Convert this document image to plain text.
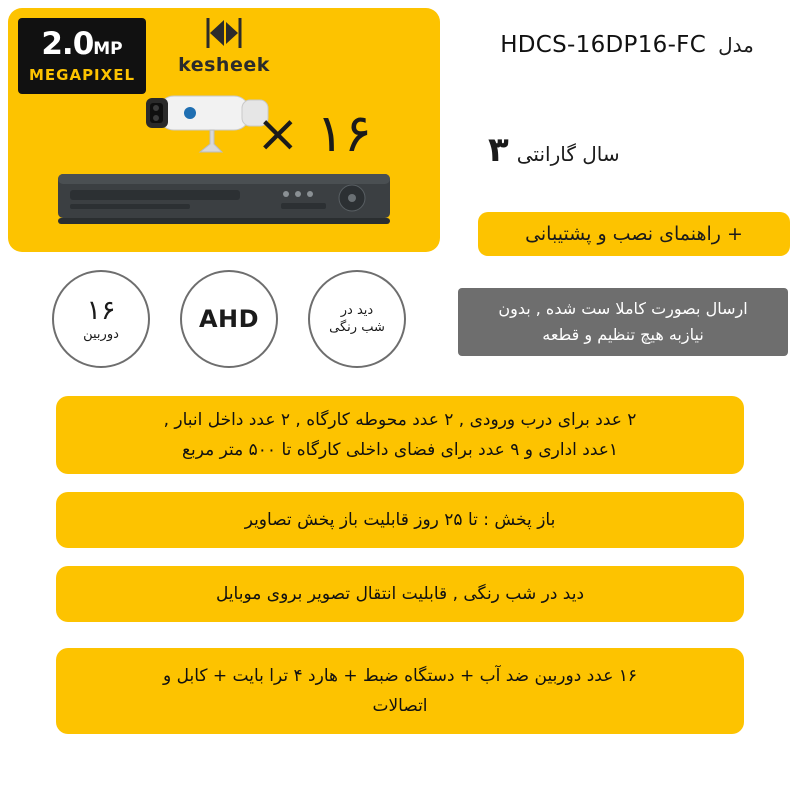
2.0MP
MEGAPIXEL kesheek
۱۶ ×
مدل
HDCS-16DP16-FC
سال گارانتی
۳
+ راهنمای نصب و پشتیبانی
۱۶
دوربین
AHD	دید در
شب رنگی
ارسال بصورت کاملا ست شده , بدون
نیازبه هیچ تنظیم و قطعه
۲ عدد برای درب ورودی , ۲ عدد محوطه کارگاه , ۲ عدد داخل انبار ,
۱عدد اداری و ۹ عدد برای فضای داخلی کارگاه تا ۵۰۰ متر مربع
باز پخش : تا ۲۵ روز قابلیت باز پخش تصاویر
دید در شب رنگی , قابلیت انتقال تصویر بروی موبایل
۱۶ عدد دوربین ضد آب + دستگاه ضبط + هارد ۴ ترا بایت + کابل و
اتصالات
